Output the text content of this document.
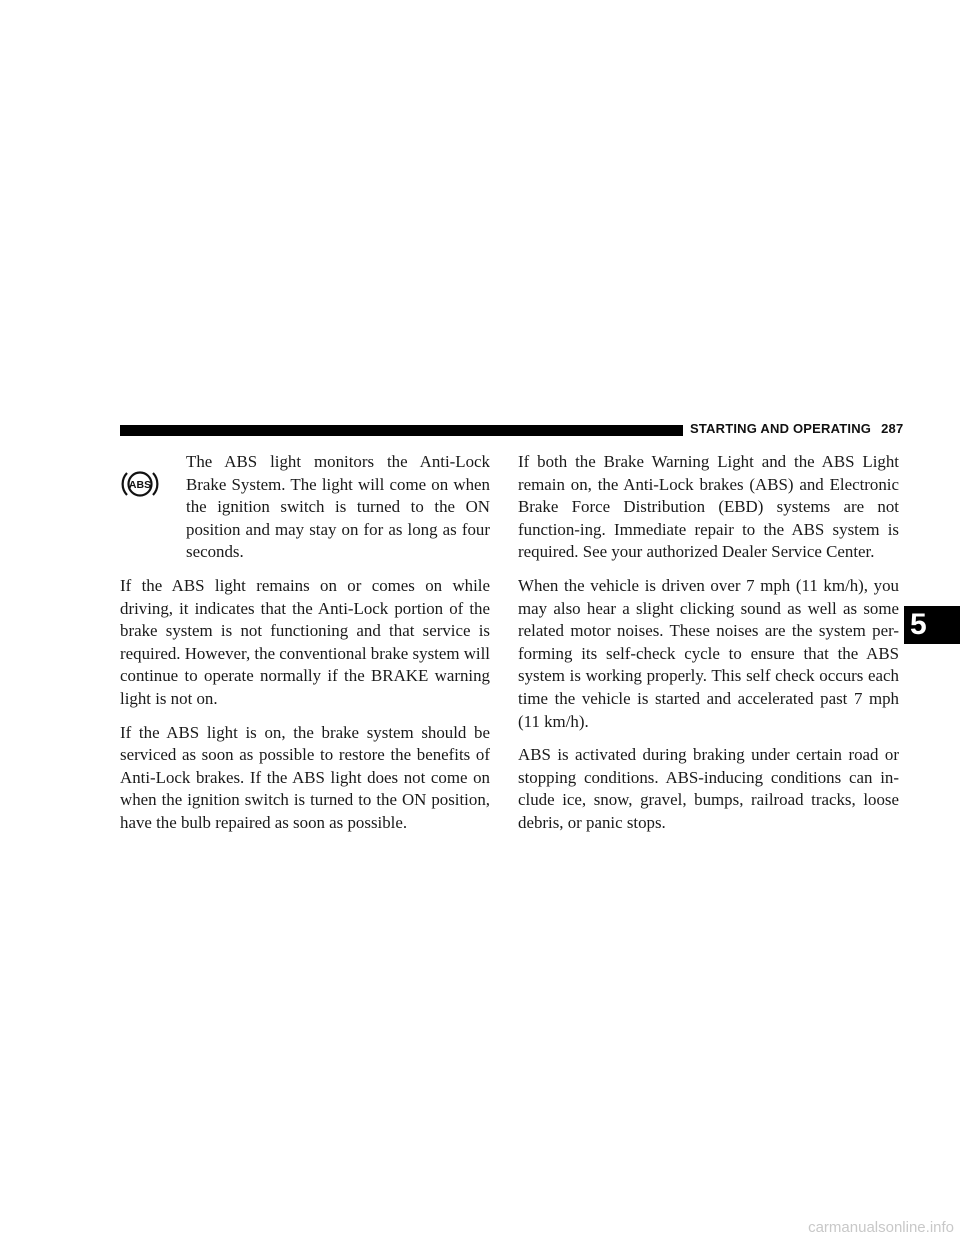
STARTING AND OPERATING 287
ABS

The ABS light monitors the Anti-Lock Brake System. The light will come on when the ignition switch is turned to the ON position and may stay on for as long as four seconds.

If the ABS light remains on or comes on while driving, it indicates that the Anti-Lock portion of the brake system is not functioning and that service is required. However, the conventional brake system will continue to operate normally if the BRAKE warning light is not on.

If the ABS light is on, the brake system should be serviced as soon as possible to restore the benefits of Anti-Lock brakes. If the ABS light does not come on when the ignition switch is turned to the ON position, have the bulb repaired as soon as possible.

If both the Brake Warning Light and the ABS Light remain on, the Anti-Lock brakes (ABS) and Electronic Brake Force Distribution (EBD) systems are not function-ing. Immediate repair to the ABS system is required. See your authorized Dealer Service Center.

When the vehicle is driven over 7 mph (11 km/h), you may also hear a slight clicking sound as well as some related motor noises. These noises are the system per-forming its self-check cycle to ensure that the ABS system is working properly. This self check occurs each time the vehicle is started and accelerated past 7 mph (11 km/h).

ABS is activated during braking under certain road or stopping conditions. ABS-inducing conditions can in-clude ice, snow, gravel, bumps, railroad tracks, loose debris, or panic stops.

5
carmanualsonline.info
